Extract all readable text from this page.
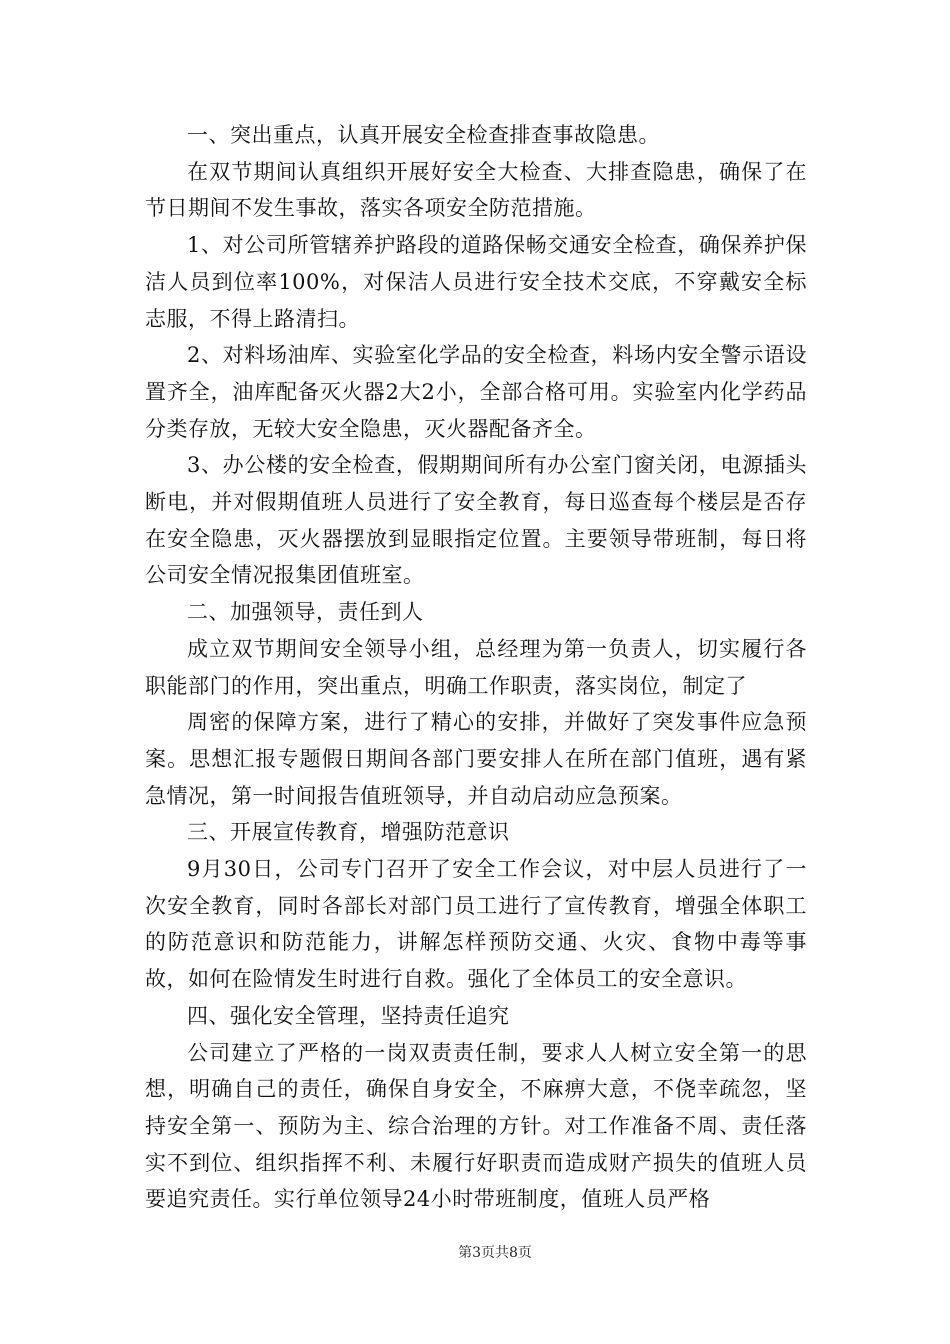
一、突出重点，认真开展安全检查排查事故隐患。

在双节期间认真组织开展好安全大检查、大排查隐患，确保了在节日期间不发生事故，落实各项安全防范措施。

1、对公司所管辖养护路段的道路保畅交通安全检查，确保养护保洁人员到位率100%，对保洁人员进行安全技术交底，不穿戴安全标志服，不得上路清扫。

2、对料场油库、实验室化学品的安全检查，料场内安全警示语设置齐全，油库配备灭火器2大2小，全部合格可用。实验室内化学药品分类存放，无较大安全隐患，灭火器配备齐全。

3、办公楼的安全检查，假期期间所有办公室门窗关闭，电源插头断电，并对假期值班人员进行了安全教育，每日巡查每个楼层是否存在安全隐患，灭火器摆放到显眼指定位置。主要领导带班制，每日将公司安全情况报集团值班室。

二、加强领导，责任到人

成立双节期间安全领导小组，总经理为第一负责人，切实履行各职能部门的作用，突出重点，明确工作职责，落实岗位，制定了

周密的保障方案，进行了精心的安排，并做好了突发事件应急预案。思想汇报专题假日期间各部门要安排人在所在部门值班，遇有紧急情况，第一时间报告值班领导，并自动启动应急预案。

三、开展宣传教育，增强防范意识

9月30日，公司专门召开了安全工作会议，对中层人员进行了一次安全教育，同时各部长对部门员工进行了宣传教育，增强全体职工的防范意识和防范能力，讲解怎样预防交通、火灾、食物中毒等事故，如何在险情发生时进行自救。强化了全体员工的安全意识。

四、强化安全管理，坚持责任追究

公司建立了严格的一岗双责责任制，要求人人树立安全第一的思想，明确自己的责任，确保自身安全，不麻痹大意，不侥幸疏忽，坚持安全第一、预防为主、综合治理的方针。对工作准备不周、责任落实不到位、组织指挥不利、未履行好职责而造成财产损失的值班人员要追究责任。实行单位领导24小时带班制度，值班人员严格

第3页共8页
